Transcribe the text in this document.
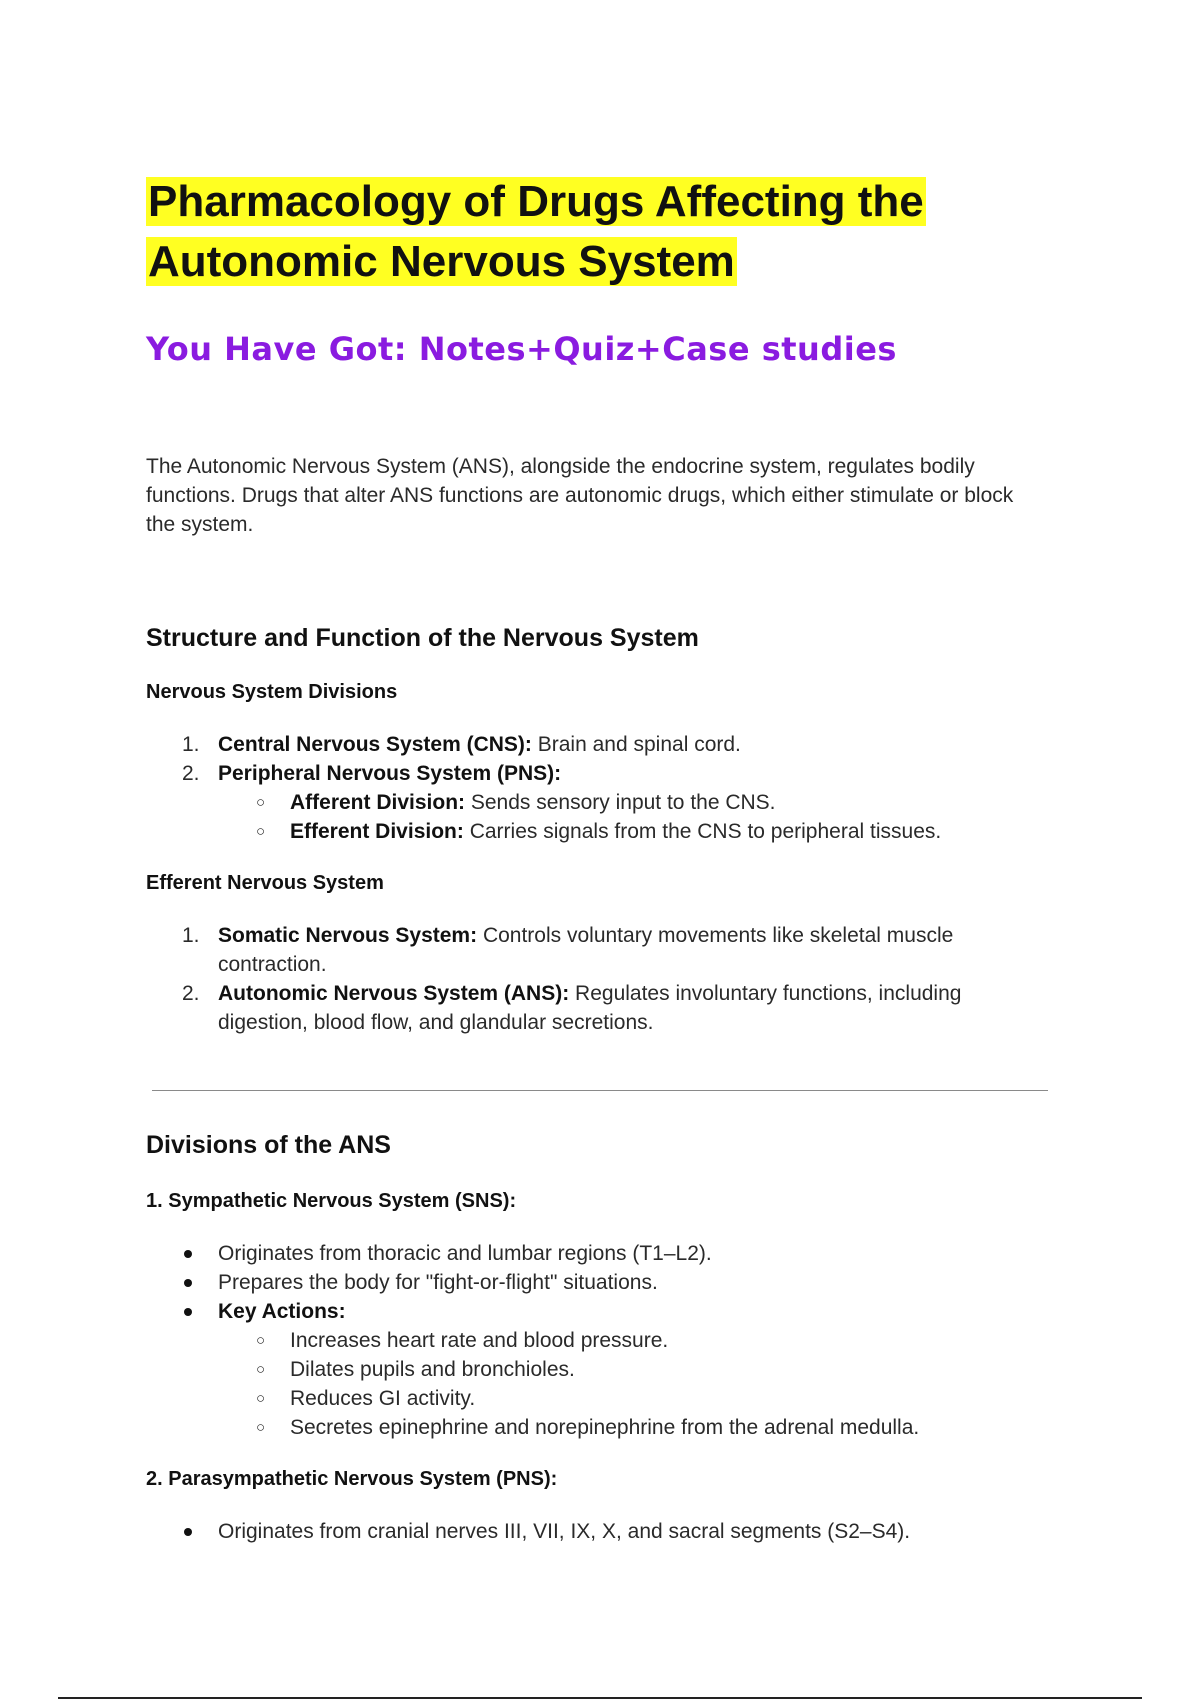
Pharmacology of Drugs Affecting the
Autonomic Nervous System
You Have Got: Notes+Quiz+Case studies
The Autonomic Nervous System (ANS), alongside the endocrine system, regulates bodily functions. Drugs that alter ANS functions are autonomic drugs, which either stimulate or block the system.
Structure and Function of the Nervous System
Nervous System Divisions
1. Central Nervous System (CNS): Brain and spinal cord.
2. Peripheral Nervous System (PNS):
○ Afferent Division: Sends sensory input to the CNS.
○ Efferent Division: Carries signals from the CNS to peripheral tissues.
Efferent Nervous System
1. Somatic Nervous System: Controls voluntary movements like skeletal muscle contraction.
2. Autonomic Nervous System (ANS): Regulates involuntary functions, including digestion, blood flow, and glandular secretions.
Divisions of the ANS
1. Sympathetic Nervous System (SNS):
Originates from thoracic and lumbar regions (T1–L2).
Prepares the body for "fight-or-flight" situations.
Key Actions:
○ Increases heart rate and blood pressure.
○ Dilates pupils and bronchioles.
○ Reduces GI activity.
○ Secretes epinephrine and norepinephrine from the adrenal medulla.
2. Parasympathetic Nervous System (PNS):
Originates from cranial nerves III, VII, IX, X, and sacral segments (S2–S4).
